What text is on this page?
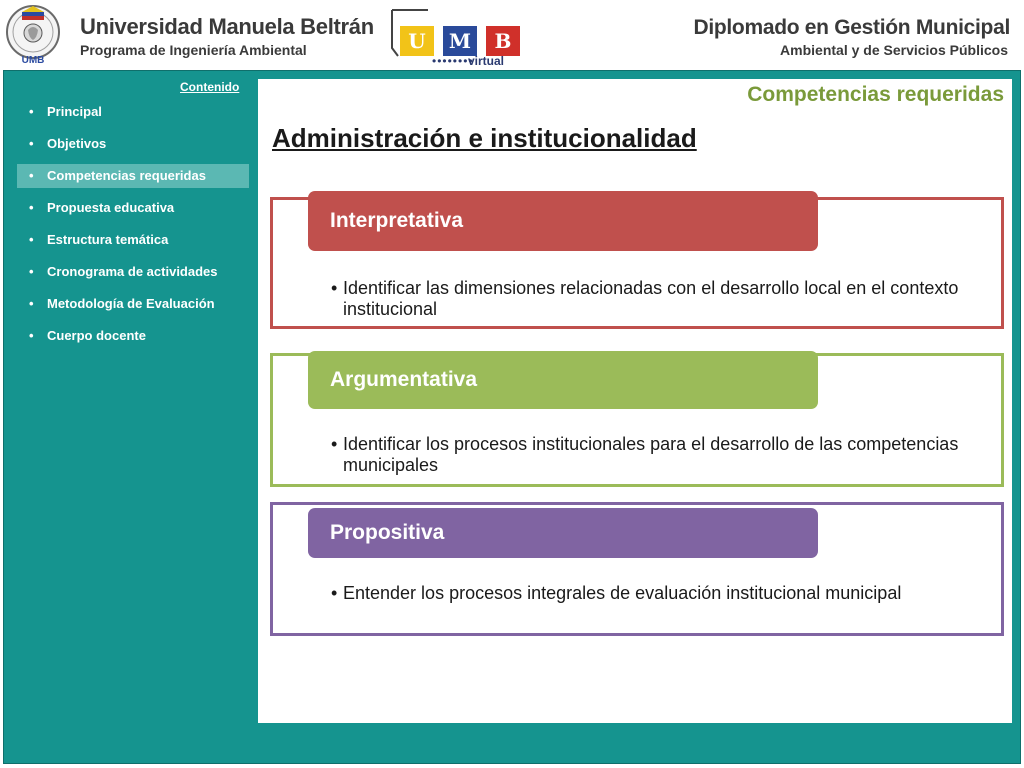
UMB
Universidad Manuela Beltrán
Programa de Ingeniería Ambiental	U	M	B
••••••••
virtual
Diplomado en Gestión Municipal
Ambiental y de Servicios Públicos
Contenido
• Principal
• Objetivos
• Competencias requeridas
• Propuesta educativa
• Estructura temática
• Cronograma de actividades
• Metodología de Evaluación
• Cuerpo docente
Competencias requeridas
Administración e institucionalidad
• Identificar las dimensiones relacionadas con el desarrollo local en el contexto institucional
Interpretativa
• Identificar los procesos institucionales para el desarrollo de las competencias municipales
Argumentativa
• Entender los procesos integrales de evaluación institucional municipal
Propositiva
